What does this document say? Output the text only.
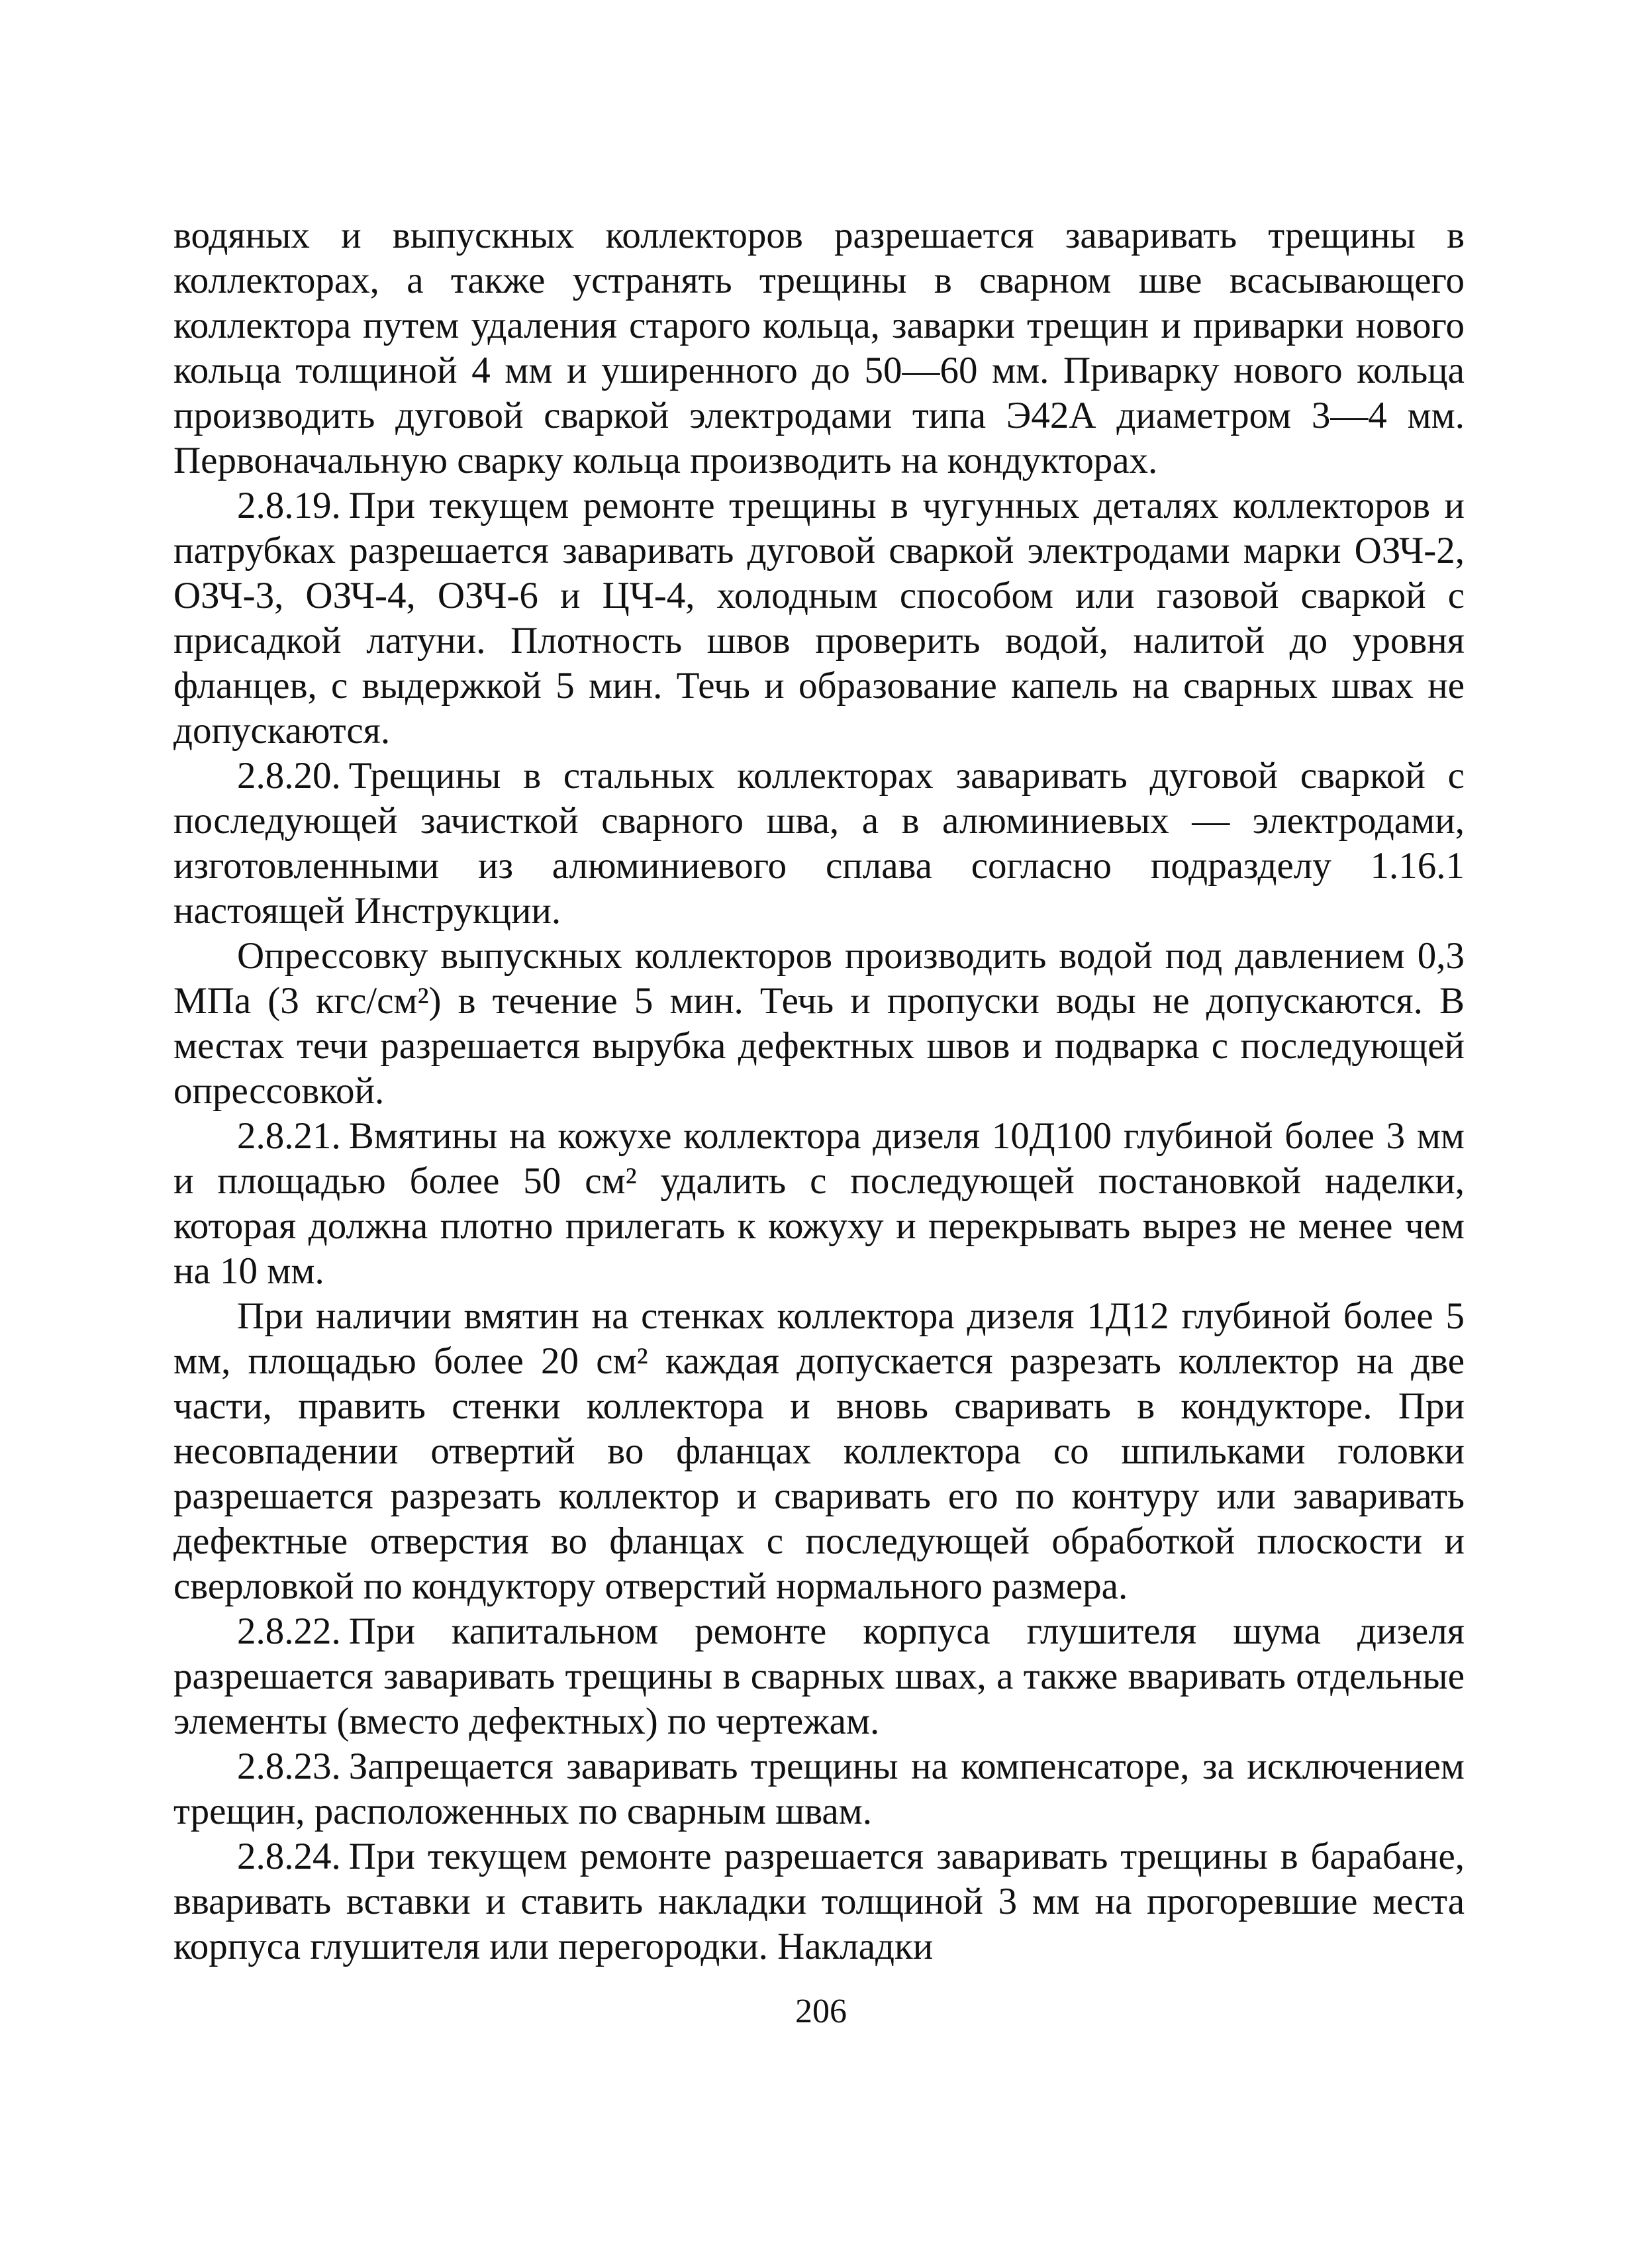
водяных и выпускных коллекторов разрешается заваривать трещины в коллекторах, а также устранять трещины в сварном шве всасывающего коллектора путем удаления старого кольца, заварки трещин и приварки нового кольца толщиной 4 мм и уширенного до 50—60 мм. Приварку нового кольца производить дуговой сваркой электродами типа Э42А диаметром 3—4 мм. Первоначальную сварку кольца производить на кондукторах.

2.8.19. При текущем ремонте трещины в чугунных деталях коллекторов и патрубках разрешается заваривать дуговой сваркой электродами марки ОЗЧ-2, ОЗЧ-3, ОЗЧ-4, ОЗЧ-6 и ЦЧ-4, холодным способом или газовой сваркой с присадкой латуни. Плотность швов проверить водой, налитой до уровня фланцев, с выдержкой 5 мин. Течь и образование капель на сварных швах не допускаются.

2.8.20. Трещины в стальных коллекторах заваривать дуговой сваркой с последующей зачисткой сварного шва, а в алюминиевых — электродами, изготовленными из алюминиевого сплава согласно подразделу 1.16.1 настоящей Инструкции.

Опрессовку выпускных коллекторов производить водой под давлением 0,3 МПа (3 кгс/см²) в течение 5 мин. Течь и пропуски воды не допускаются. В местах течи разрешается вырубка дефектных швов и подварка с последующей опрессовкой.

2.8.21. Вмятины на кожухе коллектора дизеля 10Д100 глубиной более 3 мм и площадью более 50 см² удалить с последующей постановкой наделки, которая должна плотно прилегать к кожуху и перекрывать вырез не менее чем на 10 мм.

При наличии вмятин на стенках коллектора дизеля 1Д12 глубиной более 5 мм, площадью более 20 см² каждая допускается разрезать коллектор на две части, править стенки коллектора и вновь сваривать в кондукторе. При несовпадении отвертий во фланцах коллектора со шпильками головки разрешается разрезать коллектор и сваривать его по контуру или заваривать дефектные отверстия во фланцах с последующей обработкой плоскости и сверловкой по кондуктору отверстий нормального размера.

2.8.22. При капитальном ремонте корпуса глушителя шума дизеля разрешается заваривать трещины в сварных швах, а также вваривать отдельные элементы (вместо дефектных) по чертежам.

2.8.23. Запрещается заваривать трещины на компенсаторе, за исключением трещин, расположенных по сварным швам.

2.8.24. При текущем ремонте разрешается заваривать трещины в барабане, вваривать вставки и ставить накладки толщиной 3 мм на прогоревшие места корпуса глушителя или перегородки. Накладки

206
